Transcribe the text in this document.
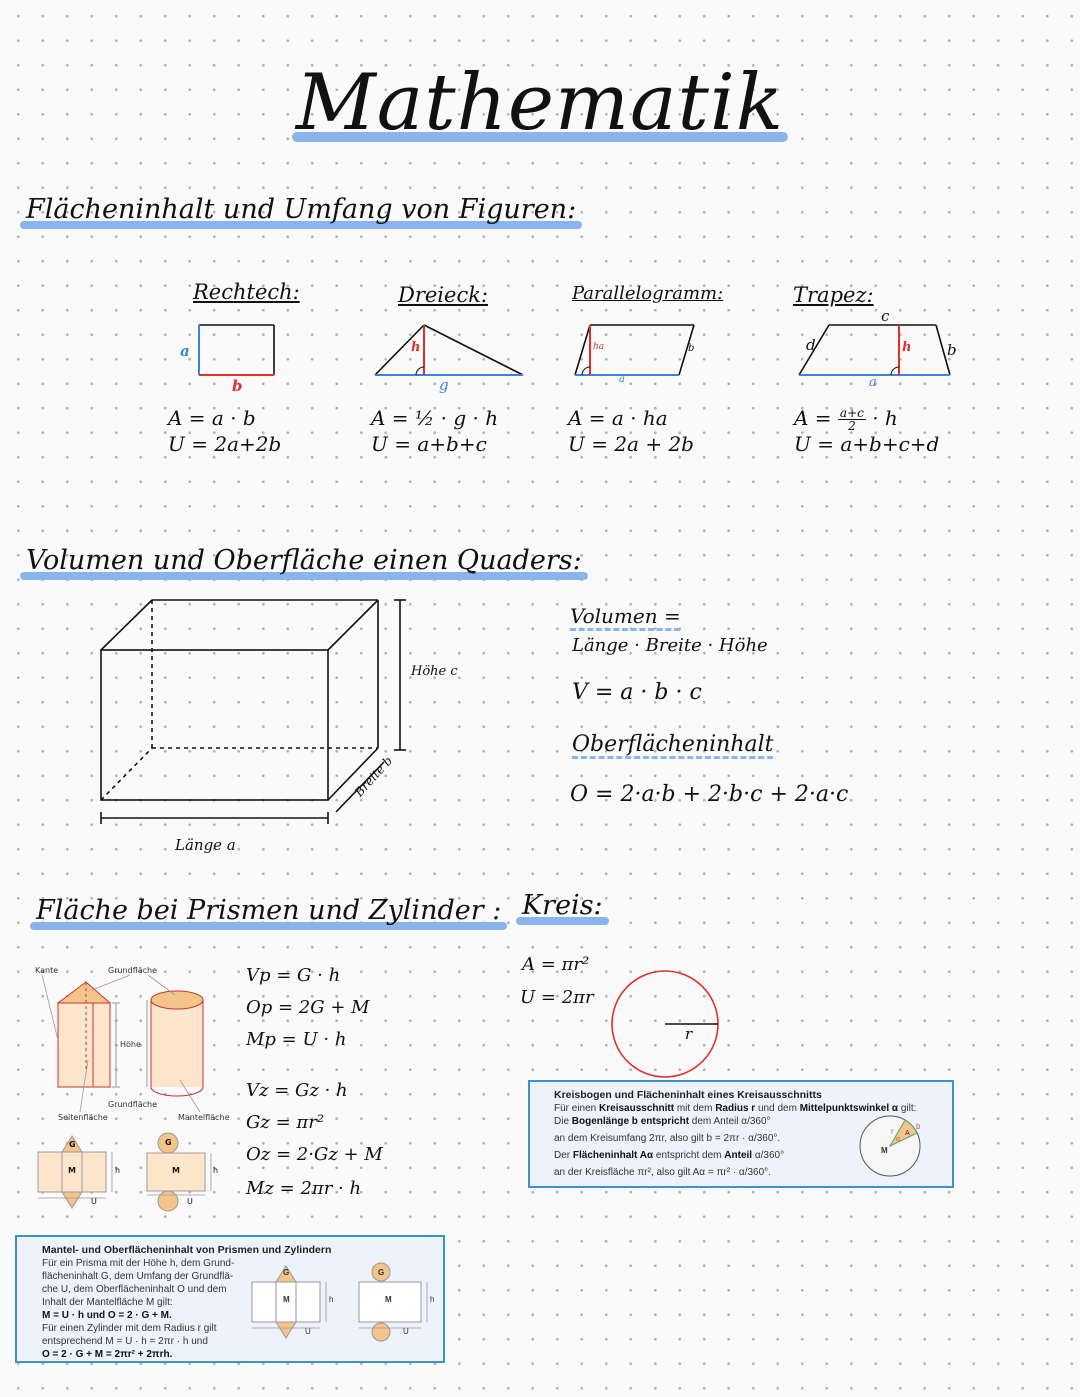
Mathematik
Flächeninhalt und Umfang von Figuren:
Rechtech:
a
b
A = a · b
U = 2a+2b
Dreieck:
h
g
A = ½ · g · h
U = a+b+c
Parallelogramm:
ha	b
a
A = a · ha
U = 2a + 2b
Trapez:
c
d	b
h
a
$A = \frac{a+c}{2} \cdot h$
U = a+b+c+d
Volumen und Oberfläche einen Quaders:
Höhe c
Breite b
Länge a
Volumen =
Länge · Breite · Höhe
V = a · b · c
Oberflächeninhalt
O = 2·a·b + 2·b·c + 2·a·c
Fläche bei Prismen und Zylinder : Kreis:
Kante	Grundfläche
Höhe
Grundfläche
Seitenfläche	Mantelfläche
G
M	h
U
G
M	h
U
Vp = G · h
Op = 2G + M
Mp = U · h
Vz = Gz · h
Gz = πr²
Oz = 2·Gz + M
Mz = 2πr · h
A = πr²
U = 2πr
r
Kreisbogen und Flächeninhalt eines Kreisausschnitts
Für einen Kreisausschnitt mit dem Radius r und dem Mittelpunktswinkel α gilt:
Die Bogenlänge b entspricht dem Anteil α/360°
an dem Kreisumfang 2πr, also gilt b = 2πr · α/360°.
Der Flächeninhalt Aα entspricht dem Anteil α/360°
an der Kreisfläche πr², also gilt Aα = πr² · α/360°.
M
r
b
α
A
Mantel- und Oberflächeninhalt von Prismen und Zylindern
Für ein Prisma mit der Höhe h, dem Grund-
flächeninhalt G, dem Umfang der Grundflä-
che U, dem Oberflächeninhalt O und dem
Inhalt der Mantelfläche M gilt:
M = U · h und O = 2 · G + M.
Für einen Zylinder mit dem Radius r gilt
entsprechend M = U · h = 2πr · h und
O = 2 · G + M = 2πr² + 2πrh.
G
M	h
U
G
M	h
U
